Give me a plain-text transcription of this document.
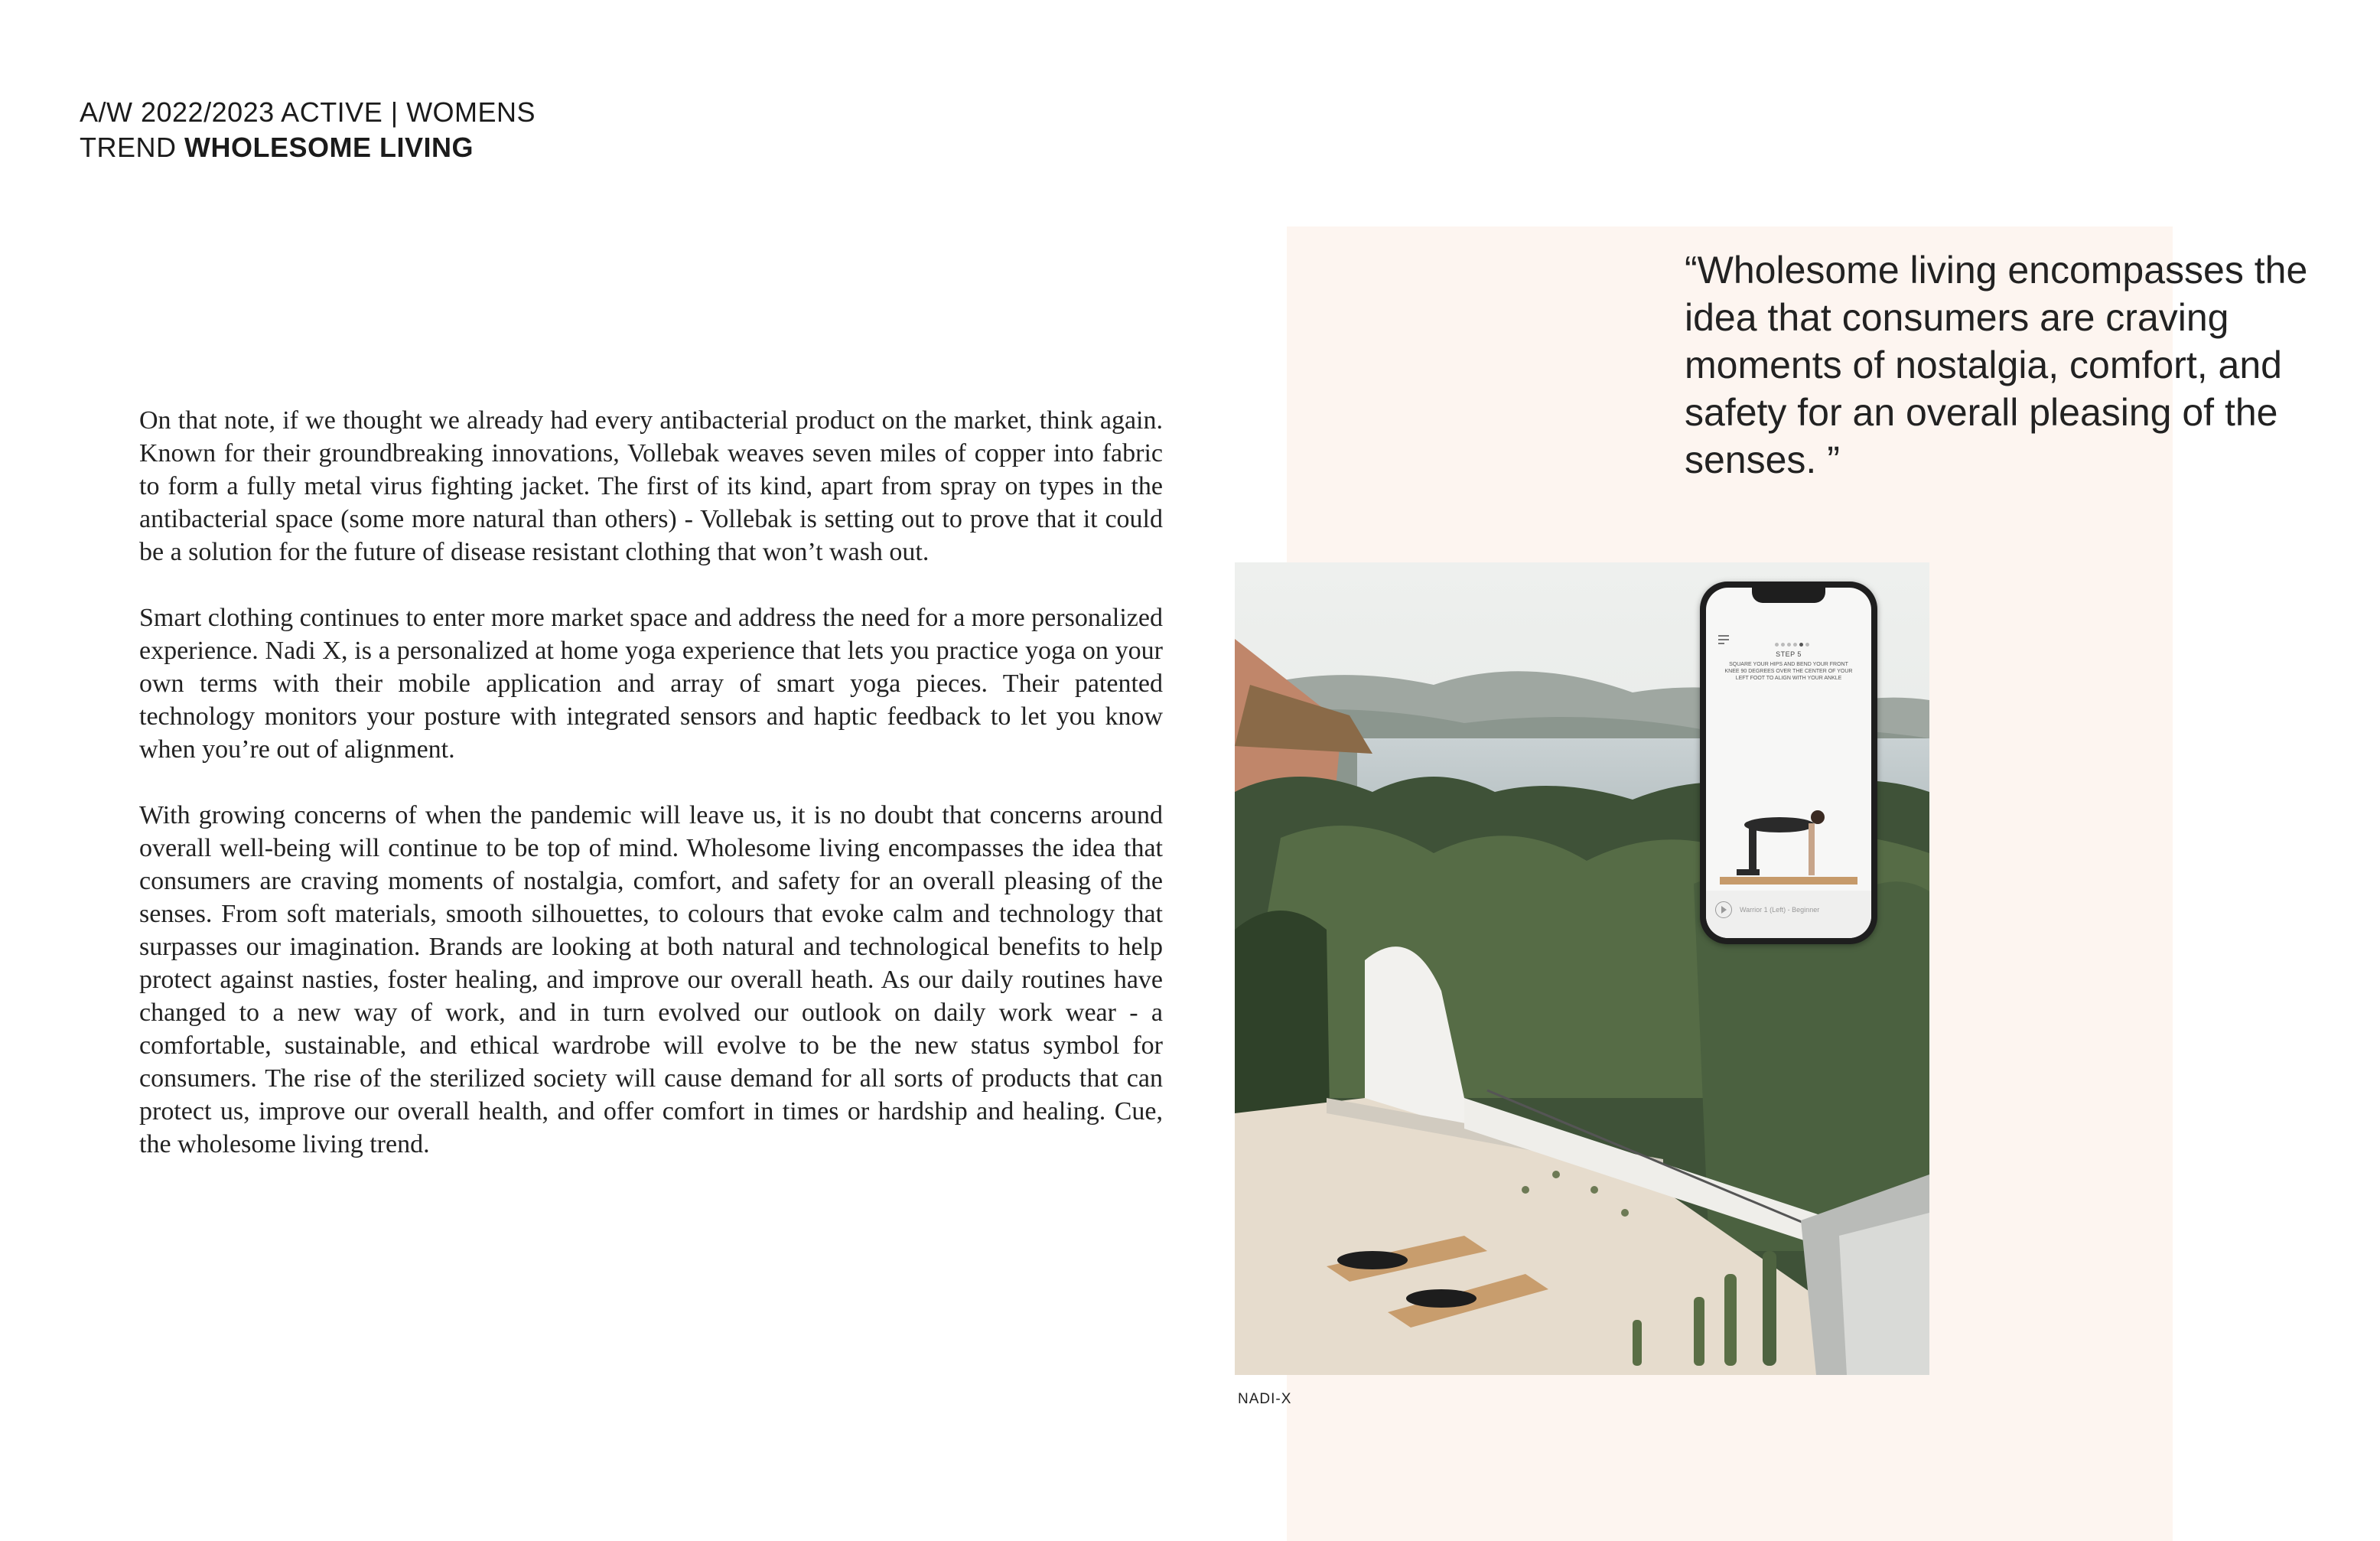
A/W 2022/2023 ACTIVE | WOMENS
TREND WHOLESOME LIVING
“Wholesome living encompasses the idea that consumers are craving moments of nostalgia, comfort, and safety for an overall pleasing of the senses. ”

On that note, if we thought we already had every antibacterial product on the market, think again. Known for their groundbreaking innovations, Vollebak weaves seven miles of copper into fabric to form a fully metal virus fighting jacket. The first of its kind, apart from spray on types in the antibacterial space (some more natural than others) - Vollebak is setting out to prove that it could be a solution for the future of disease resistant clothing that won’t wash out.

Smart clothing continues to enter more market space and address the need for a more personalized experience. Nadi X, is a personalized at home yoga experience that lets you practice yoga on your own terms with their mobile application and array of smart yoga pieces. Their patented technology monitors your posture with integrated sensors and haptic feedback to let you know when you’re out of alignment.

With growing concerns of when the pandemic will leave us, it is no doubt that concerns around overall well-being will continue to be top of mind. Wholesome living encompasses the idea that consumers are craving moments of nostalgia, comfort, and safety for an overall pleasing of the senses. From soft materials, smooth silhouettes, to colours that evoke calm and technology that surpasses our imagination. Brands are looking at both natural and technological benefits to help protect against nasties, foster healing, and improve our overall heath. As our daily routines have changed to a new way of work, and in turn evolved our outlook on daily work wear - a comfortable, sustainable, and ethical wardrobe will evolve to be the new status symbol for consumers. The rise of the sterilized society will cause demand for all sorts of products that can protect us, improve our overall health, and offer comfort in times or hardship and healing. Cue, the wholesome living trend.

STEP 5
SQUARE YOUR HIPS AND BEND YOUR FRONT KNEE 90 DEGREES OVER THE CENTER OF YOUR LEFT FOOT TO ALIGN WITH YOUR ANKLE
Warrior 1 (Left) - Beginner
NADI-X
